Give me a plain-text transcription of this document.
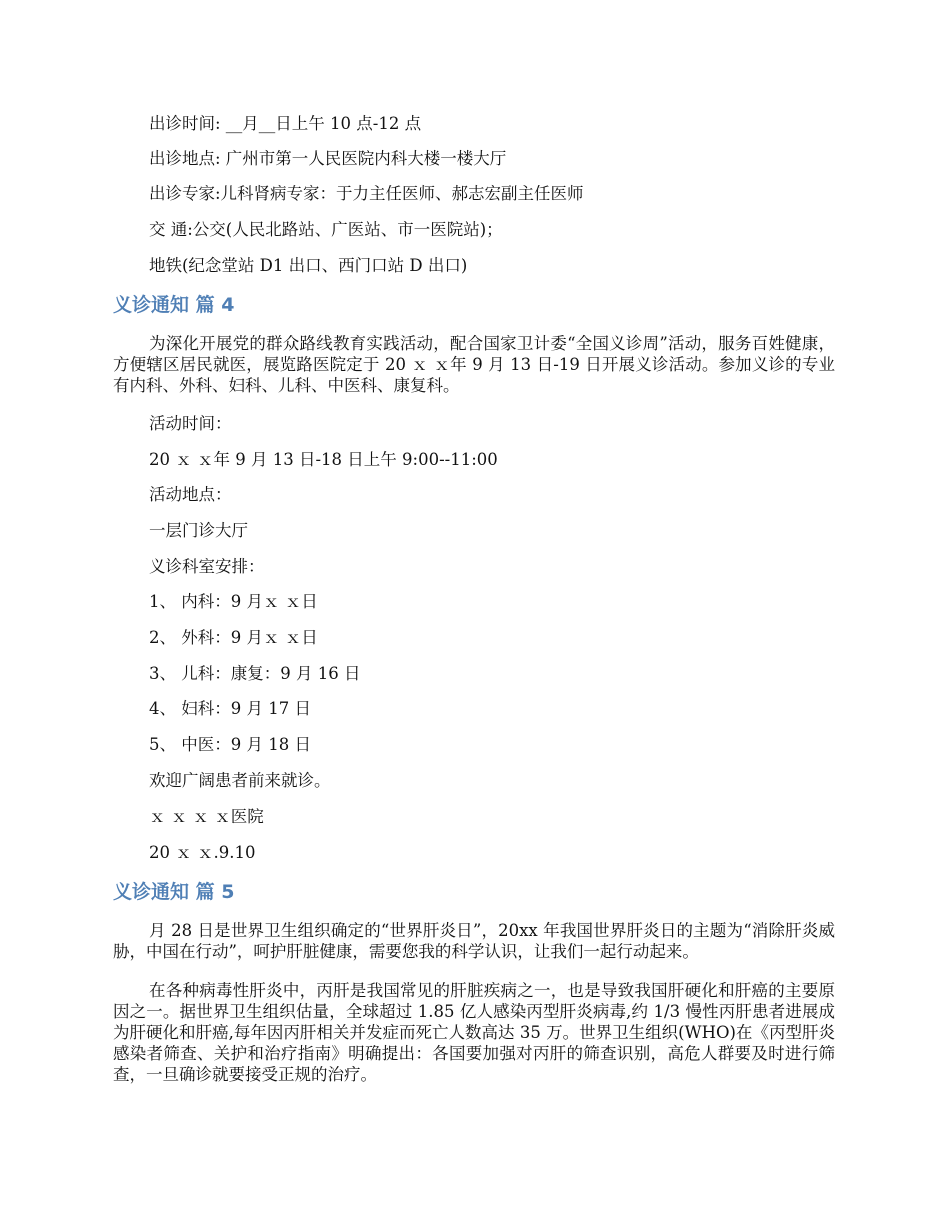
出诊时间: __月__日上午 10 点-12 点
出诊地点: 广州市第一人民医院内科大楼一楼大厅
出诊专家:儿科肾病专家：于力主任医师、郝志宏副主任医师
交 通:公交(人民北路站、广医站、市一医院站)；
地铁(纪念堂站 D1 出口、西门口站 D 出口)
义诊通知 篇 4

为深化开展党的群众路线教育实践活动，配合国家卫计委“全国义诊周”活动，服务百姓健康，方便辖区居民就医，展览路医院定于 20 ｘ ｘ年 9 月 13 日-19 日开展义诊活动。参加义诊的专业有内科、外科、妇科、儿科、中医科、康复科。

活动时间：
20 ｘ ｘ年 9 月 13 日-18 日上午 9:00--11:00
活动地点：
一层门诊大厅
义诊科室安排：
1、 内科：9 月ｘ ｘ日
2、 外科：9 月ｘ ｘ日
3、 儿科：康复：9 月 16 日
4、 妇科：9 月 17 日
5、 中医：9 月 18 日
欢迎广阔患者前来就诊。
ｘ ｘ ｘ ｘ医院
20 ｘ ｘ.9.10
义诊通知 篇 5

月 28 日是世界卫生组织确定的“世界肝炎日”，20xx 年我国世界肝炎日的主题为“消除肝炎威胁，中国在行动”，呵护肝脏健康，需要您我的科学认识，让我们一起行动起来。

在各种病毒性肝炎中，丙肝是我国常见的肝脏疾病之一，也是导致我国肝硬化和肝癌的主要原因之一。据世界卫生组织估量，全球超过 1.85 亿人感染丙型肝炎病毒,约 1/3 慢性丙肝患者进展成为肝硬化和肝癌,每年因丙肝相关并发症而死亡人数高达 35 万。世界卫生组织(WHO)在《丙型肝炎感染者筛查、关护和治疗指南》明确提出：各国要加强对丙肝的筛查识别，高危人群要及时进行筛查，一旦确诊就要接受正规的治疗。
